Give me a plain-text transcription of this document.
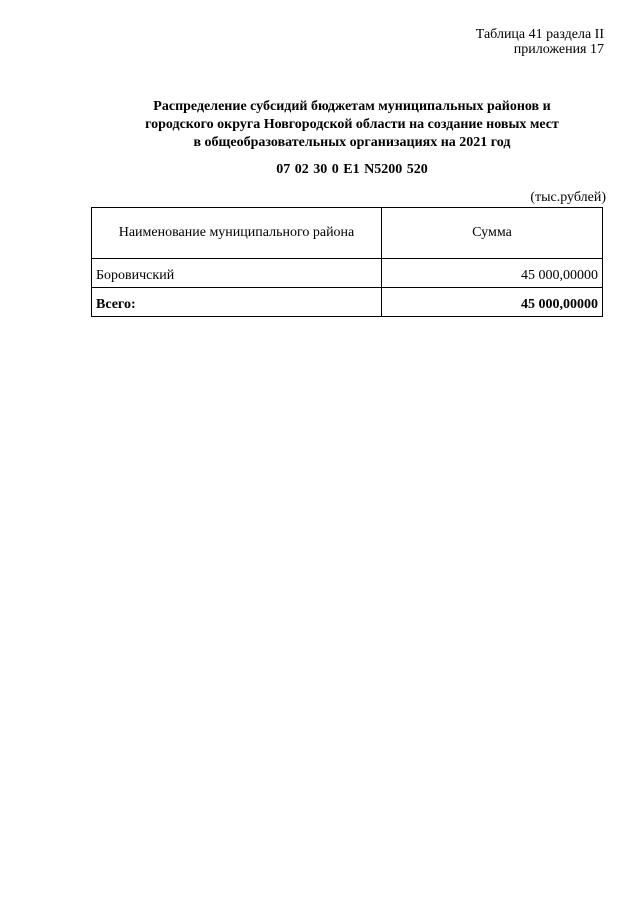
Таблица 41 раздела II
приложения 17
Распределение субсидий бюджетам муниципальных районов и
городского округа Новгородской области на создание новых мест
в общеобразовательных организациях на 2021 год
07 02 30 0 E1 N5200 520
(тыс.рублей)
Наименование муниципального района	Сумма
Боровичский	45 000,00000
Всего:	45 000,00000
